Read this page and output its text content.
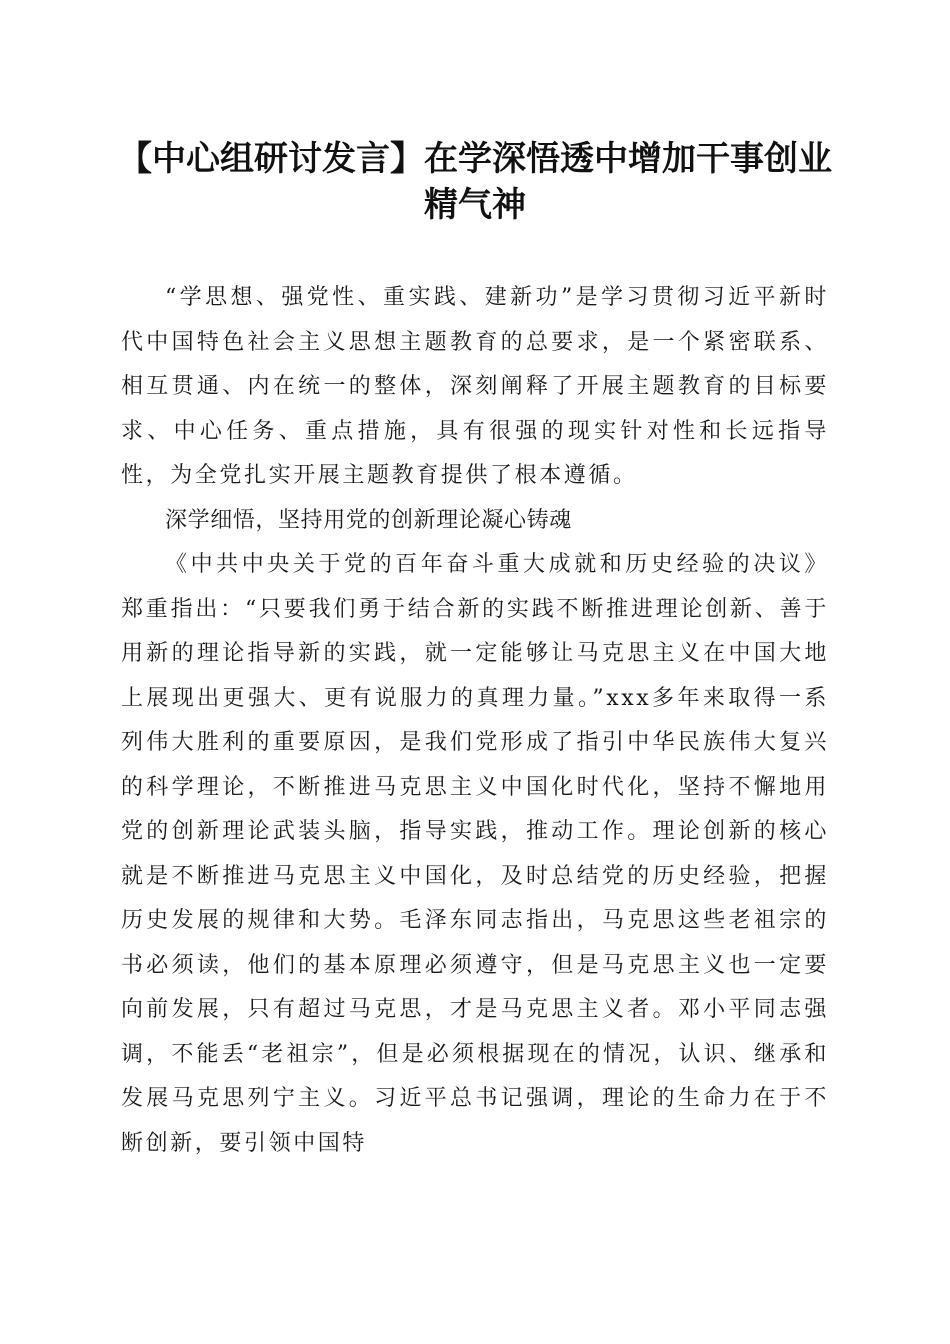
【中心组研讨发言】在学深悟透中增加干事创业精气神

“学思想、强党性、重实践、建新功”是学习贯彻习近平新时代中国特色社会主义思想主题教育的总要求，是一个紧密联系、相互贯通、内在统一的整体，深刻阐释了开展主题教育的目标要求、中心任务、重点措施，具有很强的现实针对性和长远指导性，为全党扎实开展主题教育提供了根本遵循。

深学细悟，坚持用党的创新理论凝心铸魂

《中共中央关于党的百年奋斗重大成就和历史经验的决议》郑重指出：“只要我们勇于结合新的实践不断推进理论创新、善于用新的理论指导新的实践，就一定能够让马克思主义在中国大地上展现出更强大、更有说服力的真理力量。”xxx多年来取得一系列伟大胜利的重要原因，是我们党形成了指引中华民族伟大复兴的科学理论，不断推进马克思主义中国化时代化，坚持不懈地用党的创新理论武装头脑，指导实践，推动工作。理论创新的核心就是不断推进马克思主义中国化，及时总结党的历史经验，把握历史发展的规律和大势。毛泽东同志指出，马克思这些老祖宗的书必须读，他们的基本原理必须遵守，但是马克思主义也一定要向前发展，只有超过马克思，才是马克思主义者。邓小平同志强调，不能丢“老祖宗”，但是必须根据现在的情况，认识、继承和发展马克思列宁主义。习近平总书记强调，理论的生命力在于不断创新，要引领中国特
